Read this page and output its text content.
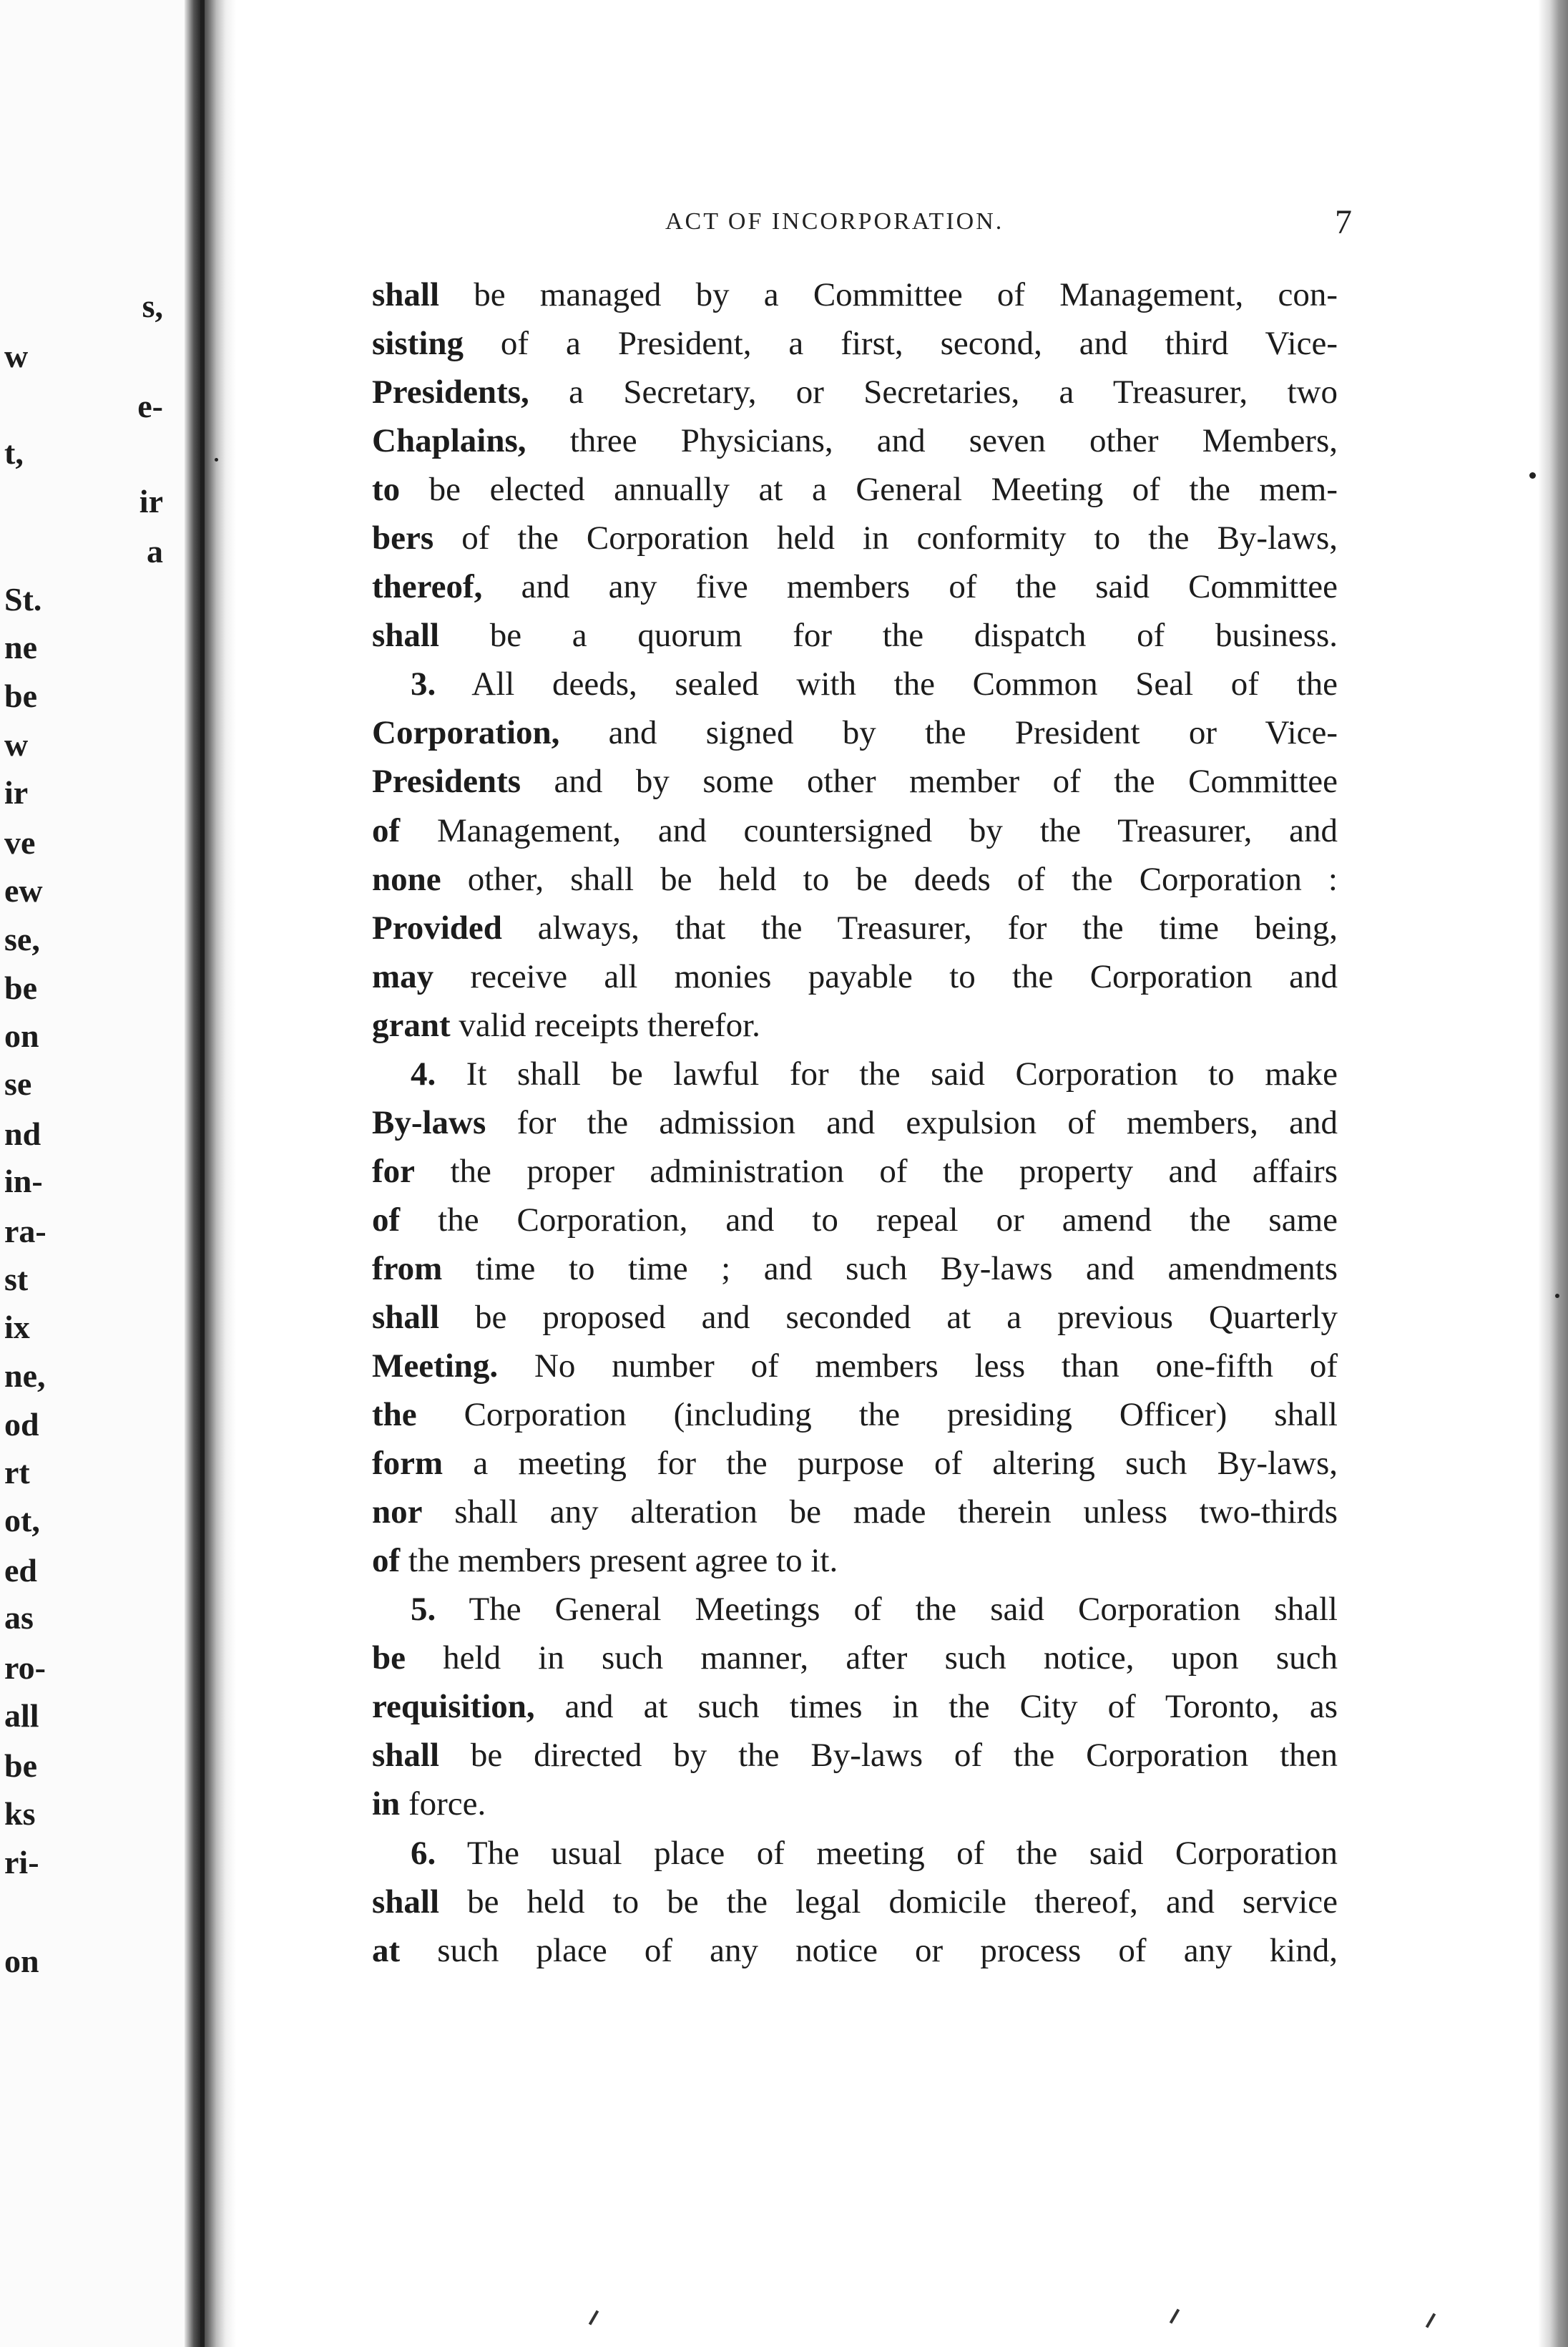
s,
w
e-
t,
ir
a
St.
ne
be
w
ir
ve
ew
se,
be
on
se
nd
in-
ra-
st
ix
ne,
od
rt
ot,
ed
as
ro-
all
be
ks
ri-
on
ACT OF INCORPORATION.	7
shall be managed by a Committee of Management, con-
sisting of a President, a first, second, and third Vice-
Presidents, a Secretary, or Secretaries, a Treasurer, two
Chaplains, three Physicians, and seven other Members,
to be elected annually at a General Meeting of the mem-
bers of the Corporation held in conformity to the By-laws,
thereof, and any five members of the said Committee
shall be a quorum for the dispatch of business.
3. All deeds, sealed with the Common Seal of the
Corporation, and signed by the President or Vice-
Presidents and by some other member of the Committee
of Management, and countersigned by the Treasurer, and
none other, shall be held to be deeds of the Corporation :
Provided always, that the Treasurer, for the time being,
may receive all monies payable to the Corporation and
grant valid receipts therefor.
4. It shall be lawful for the said Corporation to make
By-laws for the admission and expulsion of members, and
for the proper administration of the property and affairs
of the Corporation, and to repeal or amend the same
from time to time ; and such By-laws and amendments
shall be proposed and seconded at a previous Quarterly
Meeting. No number of members less than one-fifth of
the Corporation (including the presiding Officer) shall
form a meeting for the purpose of altering such By-laws,
nor shall any alteration be made therein unless two-thirds
of the members present agree to it.
5. The General Meetings of the said Corporation shall
be held in such manner, after such notice, upon such
requisition, and at such times in the City of Toronto, as
shall be directed by the By-laws of the Corporation then
in force.
6. The usual place of meeting of the said Corporation
shall be held to be the legal domicile thereof, and service
at such place of any notice or process of any kind,
